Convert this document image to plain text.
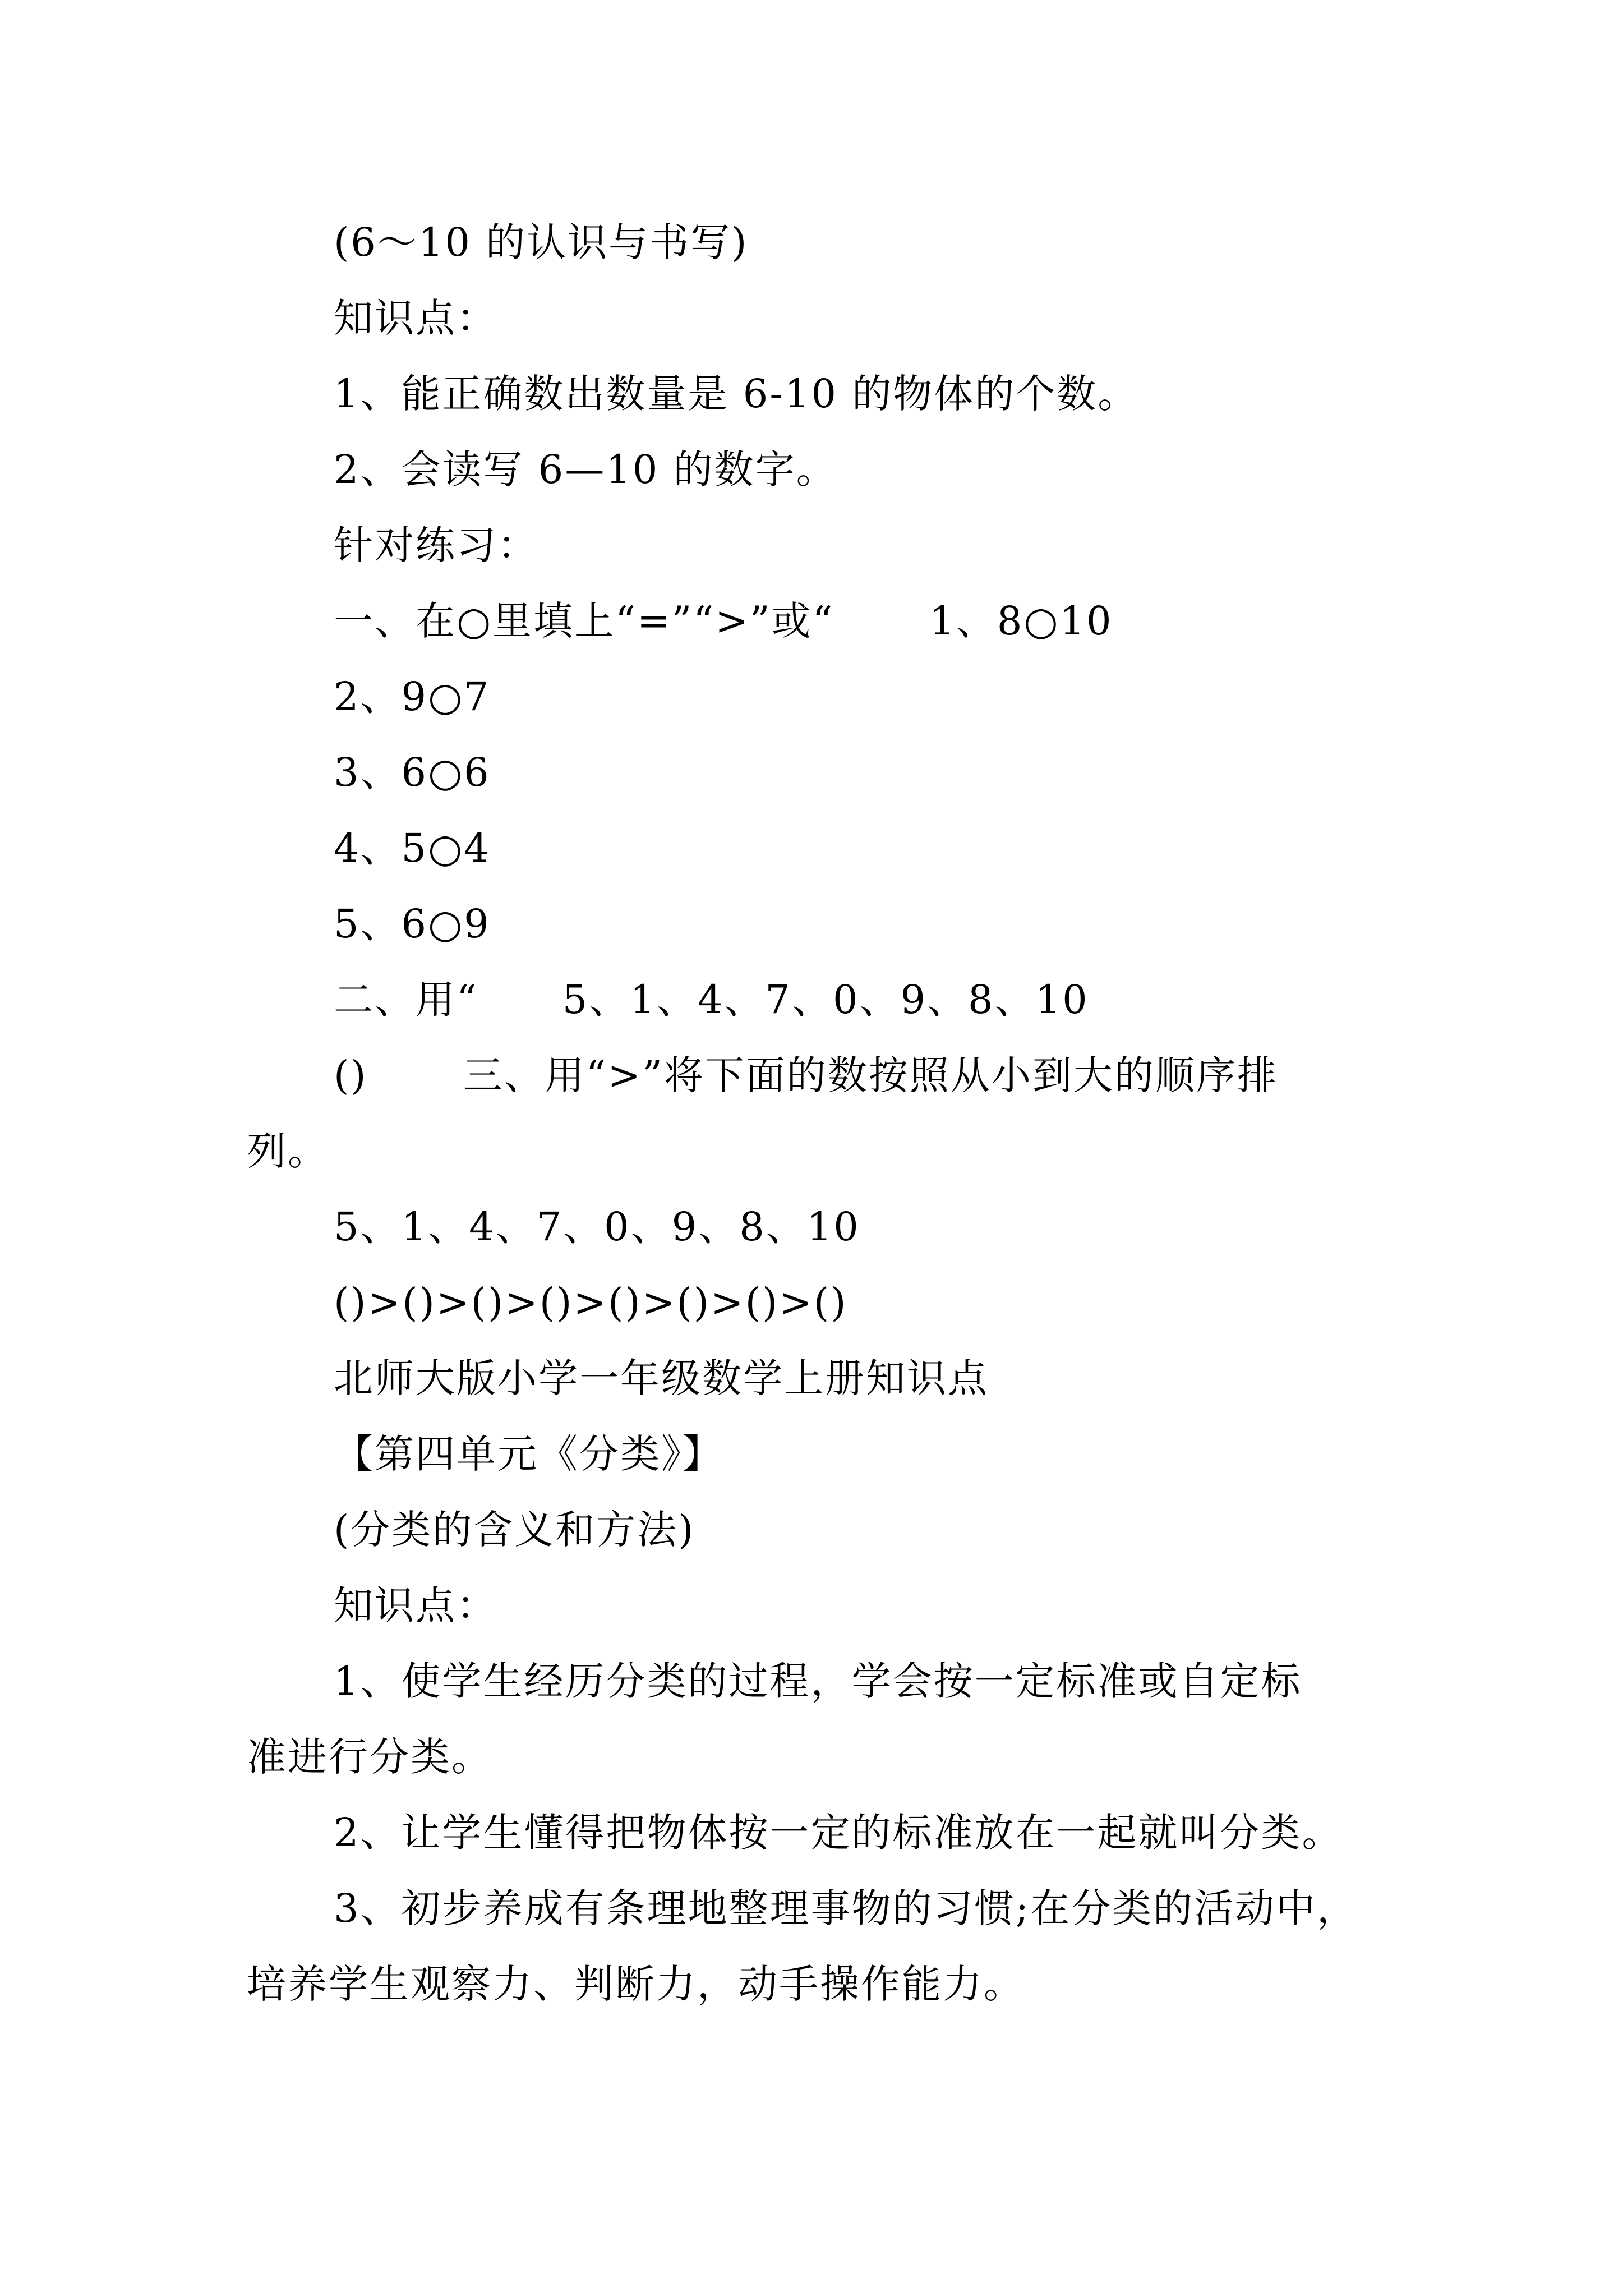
(6～10 的认识与书写)
知识点：
1、能正确数出数量是 6-10 的物体的个数。
2、会读写 6—10 的数字。
针对练习：
一、在○里填上“=”“>”或“ 1、8○10
2、9○7
3、6○6
4、5○4
5、6○9
二、用“ 5、1、4、7、0、9、8、10
() 三、用“>”将下面的数按照从小到大的顺序排
列。
5、1、4、7、0、9、8、10
()>()>()>()>()>()>()>()
北师大版小学一年级数学上册知识点
【第四单元《分类》】
(分类的含义和方法)
知识点：
1、使学生经历分类的过程，学会按一定标准或自定标
准进行分类。
2、让学生懂得把物体按一定的标准放在一起就叫分类。
3、初步养成有条理地整理事物的习惯;在分类的活动中，
培养学生观察力、判断力，动手操作能力。
